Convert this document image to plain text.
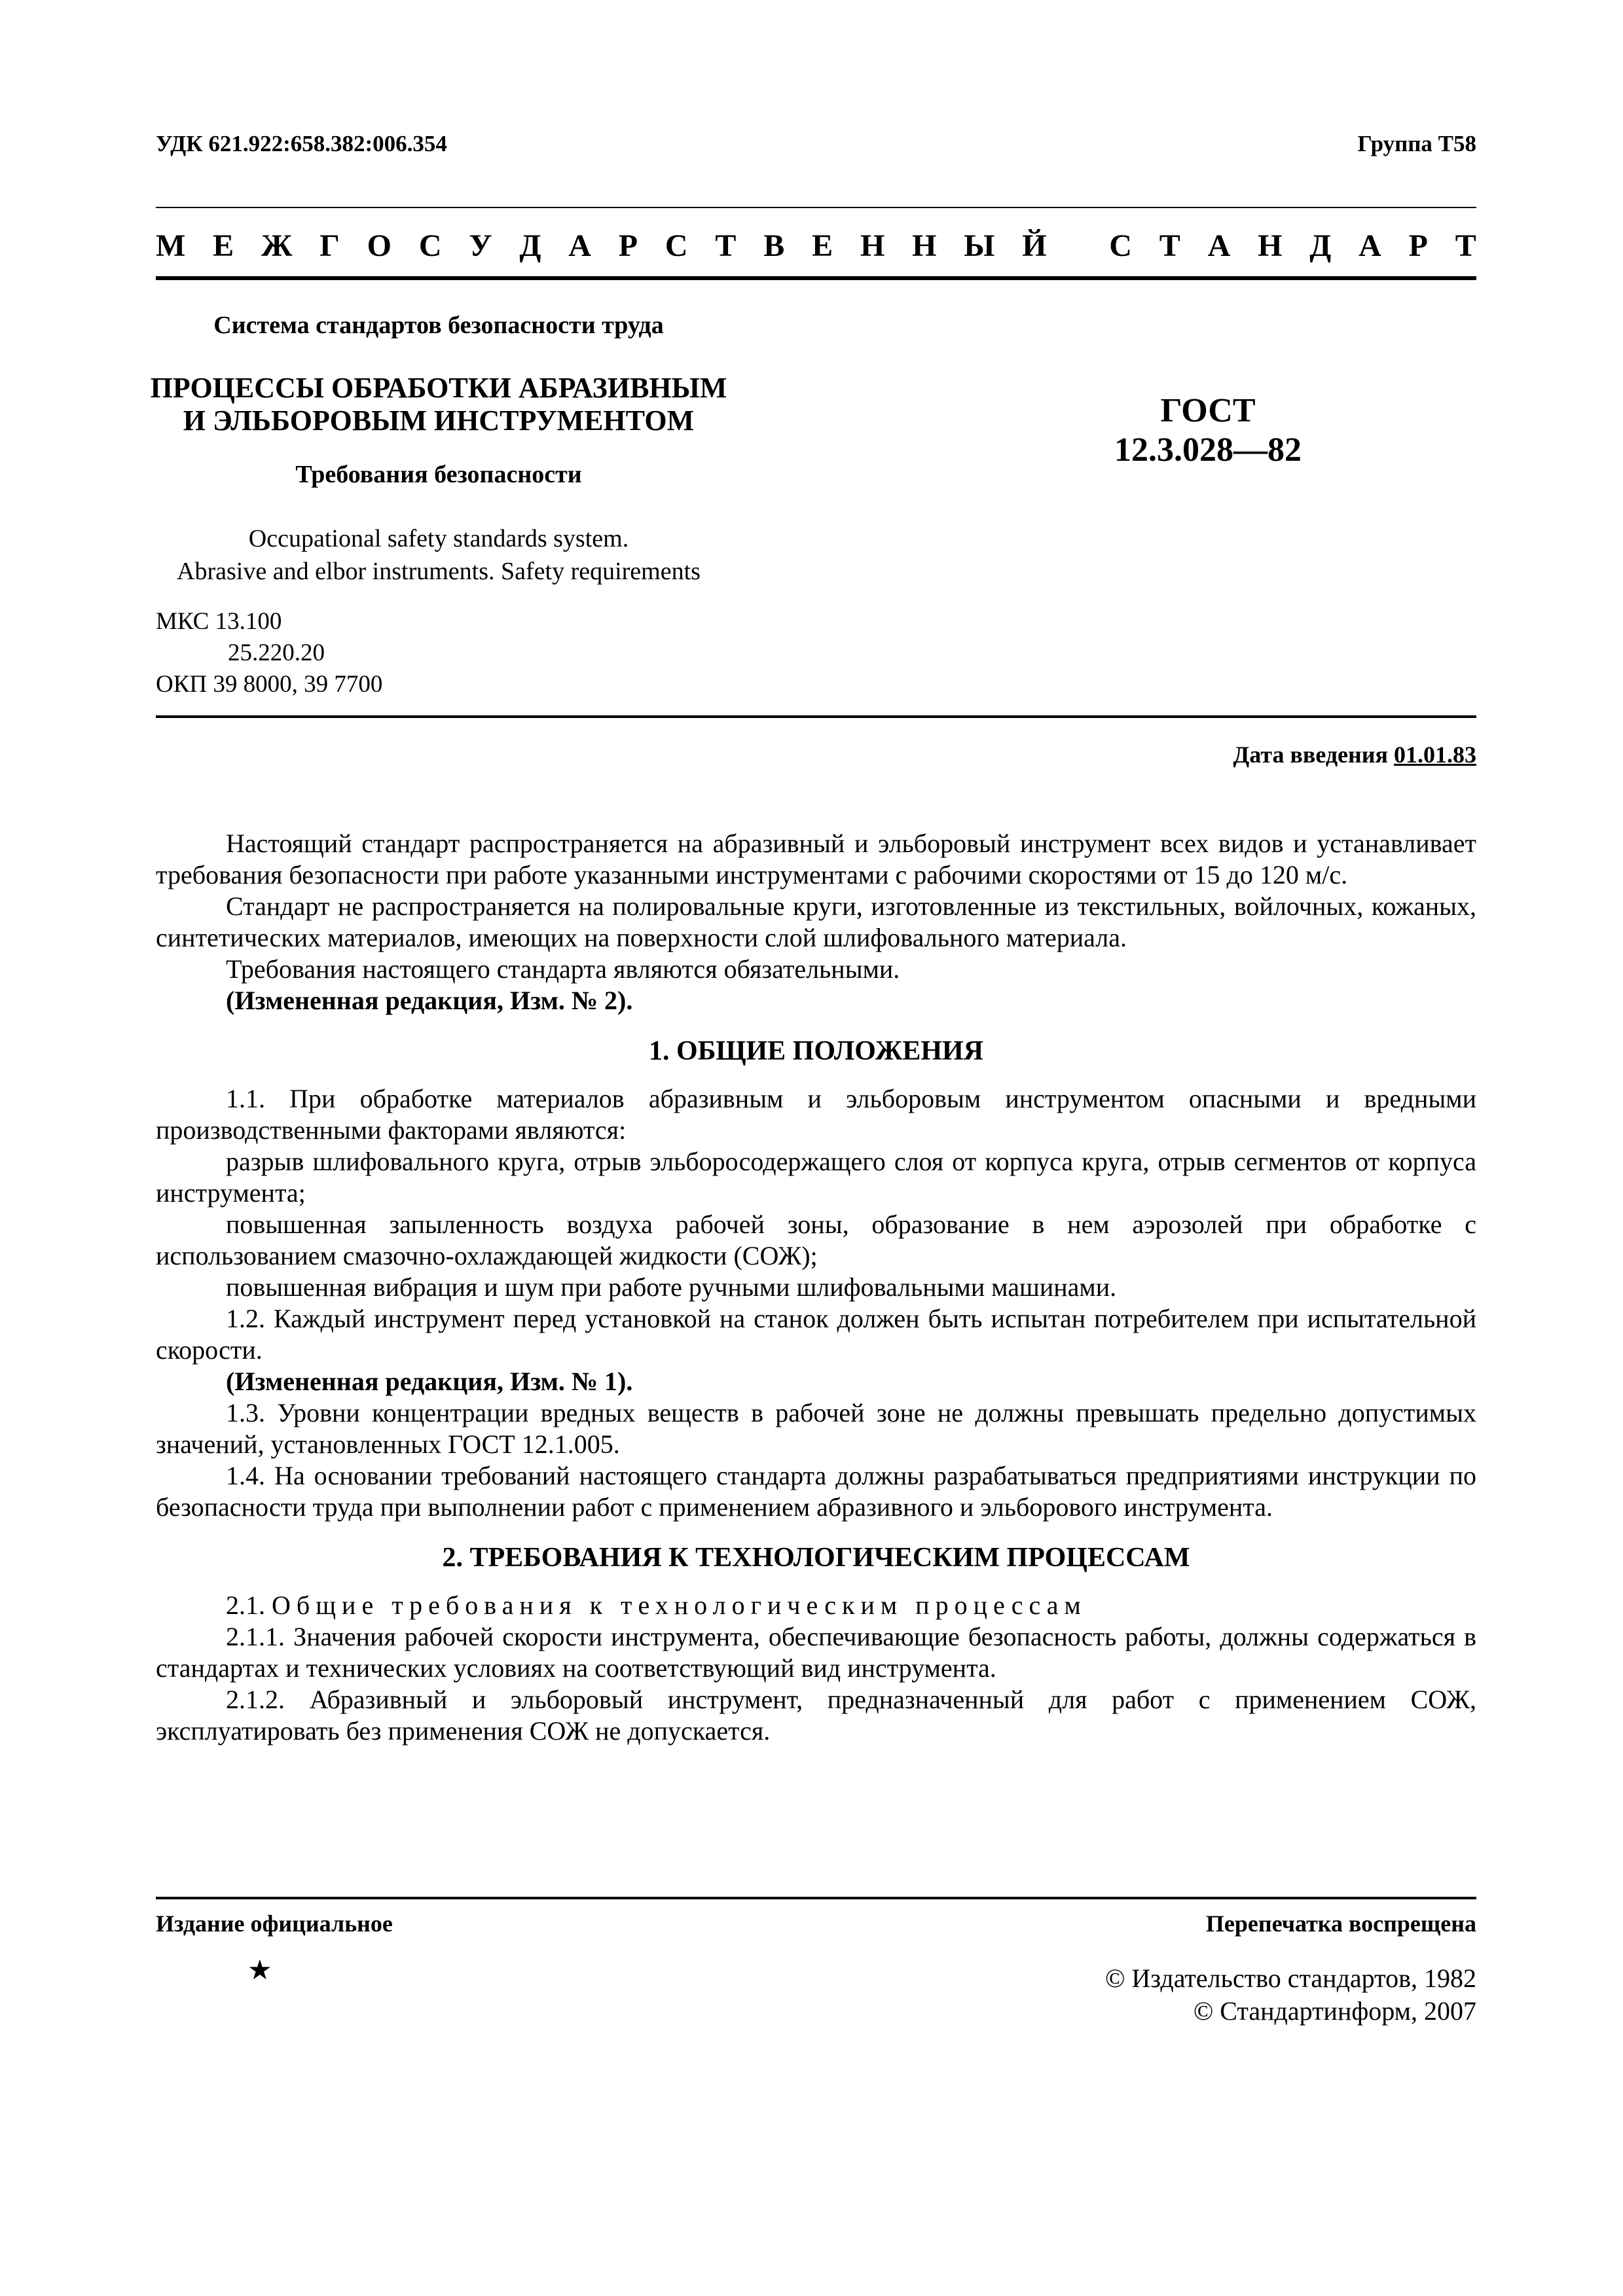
УДК 621.922:658.382:006.354	Группа Т58
М Е Ж Г О С У Д А Р С Т В Е Н Н Ы Й
С Т А Н Д А Р Т
Система стандартов безопасности труда
ПРОЦЕССЫ ОБРАБОТКИ АБРАЗИВНЫМ
И ЭЛЬБОРОВЫМ ИНСТРУМЕНТОМ
Требования безопасности
Occupational safety standards system.
Abrasive and elbor instruments. Safety requirements
ГОСТ
12.3.028—82
МКС 13.100
25.220.20
ОКП 39 8000, 39 7700
Дата введения 01.01.83

Настоящий стандарт распространяется на абразивный и эльборовый инструмент всех видов и устанавливает требования безопасности при работе указанными инструментами с рабочими скоростями от 15 до 120 м/с.

Стандарт не распространяется на полировальные круги, изготовленные из текстильных, войлочных, кожаных, синтетических материалов, имеющих на поверхности слой шлифовального материала.

Требования настоящего стандарта являются обязательными.

(Измененная редакция, Изм. № 2).

1. ОБЩИЕ ПОЛОЖЕНИЯ

1.1. При обработке материалов абразивным и эльборовым инструментом опасными и вредными производственными факторами являются:

разрыв шлифовального круга, отрыв эльборосодержащего слоя от корпуса круга, отрыв сегментов от корпуса инструмента;

повышенная запыленность воздуха рабочей зоны, образование в нем аэрозолей при обработке с использованием смазочно-охлаждающей жидкости (СОЖ);

повышенная вибрация и шум при работе ручными шлифовальными машинами.

1.2. Каждый инструмент перед установкой на станок должен быть испытан потребителем при испытательной скорости.

(Измененная редакция, Изм. № 1).

1.3. Уровни концентрации вредных веществ в рабочей зоне не должны превышать предельно допустимых значений, установленных ГОСТ 12.1.005.

1.4. На основании требований настоящего стандарта должны разрабатываться предприятиями инструкции по безопасности труда при выполнении работ с применением абразивного и эльборового инструмента.

2. ТРЕБОВАНИЯ К ТЕХНОЛОГИЧЕСКИМ ПРОЦЕССАМ

2.1. Общие требования к технологическим процессам

2.1.1. Значения рабочей скорости инструмента, обеспечивающие безопасность работы, должны содержаться в стандартах и технических условиях на соответствующий вид инструмента.

2.1.2. Абразивный и эльборовый инструмент, предназначенный для работ с применением СОЖ, эксплуатировать без применения СОЖ не допускается.

Издание официальное	Перепечатка воспрещена
★	© Издательство стандартов, 1982
© Стандартинформ, 2007
